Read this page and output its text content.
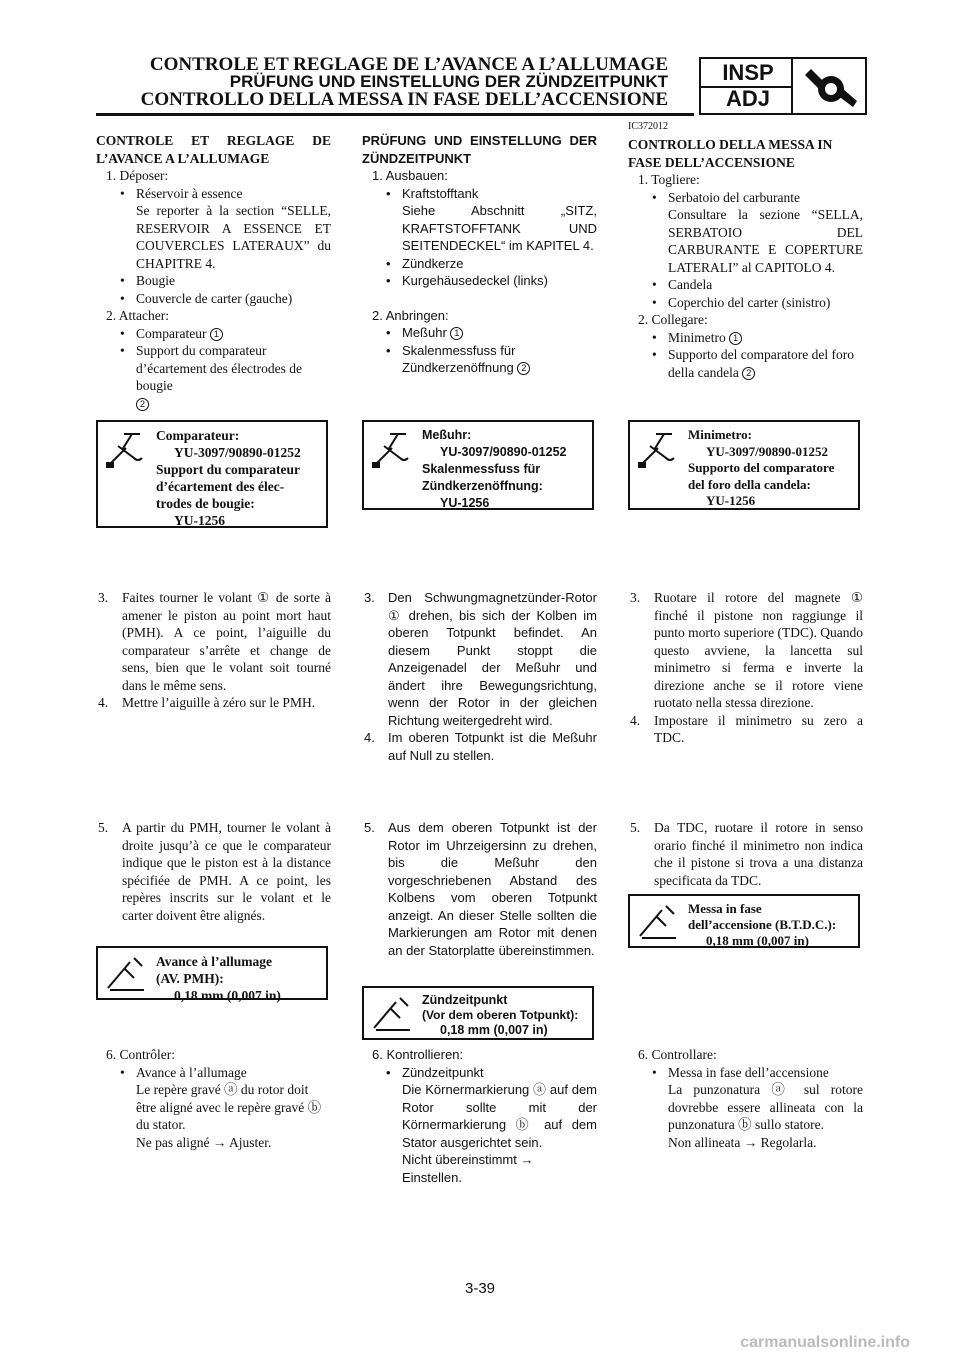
CONTROLE ET REGLAGE DE L’AVANCE A L’ALLUMAGE
PRÜFUNG UND EINSTELLUNG DER ZÜNDZEITPUNKT
CONTROLLO DELLA MESSA IN FASE DELL’ACCENSIONE
INSP
ADJ
IC372012
CONTROLE ET REGLAGE DE L’AVANCE A L’ALLUMAGE
1. Déposer:
• Réservoir à essence
Se reporter à la section “SELLE, RESERVOIR A ESSENCE ET COUVERCLES LATERAUX” du CHAPITRE 4.
• Bougie
• Couvercle de carter (gauche)
2. Attacher:
• Comparateur 1
• Support du comparateur d’écartement des électrodes de bougie
2
Comparateur:
YU-3097/90890-01252
Support du comparateur
d’écartement des élec-
trodes de bougie:
YU-1256
3.	Faites tourner le volant ① de sorte à amener le piston au point mort haut (PMH). A ce point, l’aiguille du comparateur s’arrête et change de sens, bien que le volant soit tourné dans le même sens.
4.	Mettre l’aiguille à zéro sur le PMH.
5.	A partir du PMH, tourner le volant à droite jusqu’à ce que le comparateur indique que le piston est à la distance spécifiée de PMH. A ce point, les repères inscrits sur le volant et le carter doivent être alignés.
Avance à l’allumage
(AV. PMH):
0,18 mm (0,007 in)
6. Contrôler:
• Avance à l’allumage
Le repère gravé ⓐ du rotor doit être aligné avec le repère gravé ⓑ du stator.
Ne pas aligné → Ajuster.
PRÜFUNG UND EINSTELLUNG DER ZÜNDZEITPUNKT
1. Ausbauen:
• Kraftstofftank
Siehe Abschnitt „SITZ, KRAFTSTOFFTANK UND SEITENDECKEL“ im KAPITEL 4.
• Zündkerze
• Kurgehäusedeckel (links)
2. Anbringen:
• Meßuhr 1
• Skalenmessfuss für Zündkerzenöffnung 2
Meßuhr:
YU-3097/90890-01252
Skalenmessfuss für
Zündkerzenöffnung:
YU-1256
3.	Den Schwungmagnetzünder-Rotor ① drehen, bis sich der Kolben im oberen Totpunkt befindet. An diesem Punkt stoppt die Anzeigenadel der Meßuhr und ändert ihre Bewegungsrichtung, wenn der Rotor in der gleichen Richtung weitergedreht wird.
4.	Im oberen Totpunkt ist die Meßuhr auf Null zu stellen.
5.	Aus dem oberen Totpunkt ist der Rotor im Uhrzeigersinn zu drehen, bis die Meßuhr den vorgeschriebenen Abstand des Kolbens vom oberen Totpunkt anzeigt. An dieser Stelle sollten die Markierungen am Rotor mit denen an der Statorplatte übereinstimmen.
Zündzeitpunkt
(Vor dem oberen Totpunkt):
0,18 mm (0,007 in)
6. Kontrollieren:
• Zündzeitpunkt
Die Körnermarkierung ⓐ auf dem Rotor sollte mit der Körnermarkierung ⓑ auf dem Stator ausgerichtet sein.
Nicht übereinstimmt → Einstellen.
CONTROLLO DELLA MESSA IN FASE DELL’ACCENSIONE
1. Togliere:
• Serbatoio del carburante
Consultare la sezione “SELLA, SERBATOIO DEL CARBURANTE E COPERTURE LATERALI” al CAPITOLO 4.
• Candela
• Coperchio del carter (sinistro)
2. Collegare:
• Minimetro 1
• Supporto del comparatore del foro della candela 2
Minimetro:
YU-3097/90890-01252
Supporto del comparatore
del foro della candela:
YU-1256
3.	Ruotare il rotore del magnete ① finché il pistone non raggiunge il punto morto superiore (TDC). Quando questo avviene, la lancetta sul minimetro si ferma e inverte la direzione anche se il rotore viene ruotato nella stessa direzione.
4.	Impostare il minimetro su zero a TDC.
5.	Da TDC, ruotare il rotore in senso orario finché il minimetro non indica che il pistone si trova a una distanza specificata da TDC.
Messa in fase
dell’accensione (B.T.D.C.):
0,18 mm (0,007 in)
6. Controllare:
• Messa in fase dell’accensione
La punzonatura ⓐ sul rotore dovrebbe essere allineata con la punzonatura ⓑ sullo statore.
Non allineata → Regolarla.
3-39
carmanualsonline.info
